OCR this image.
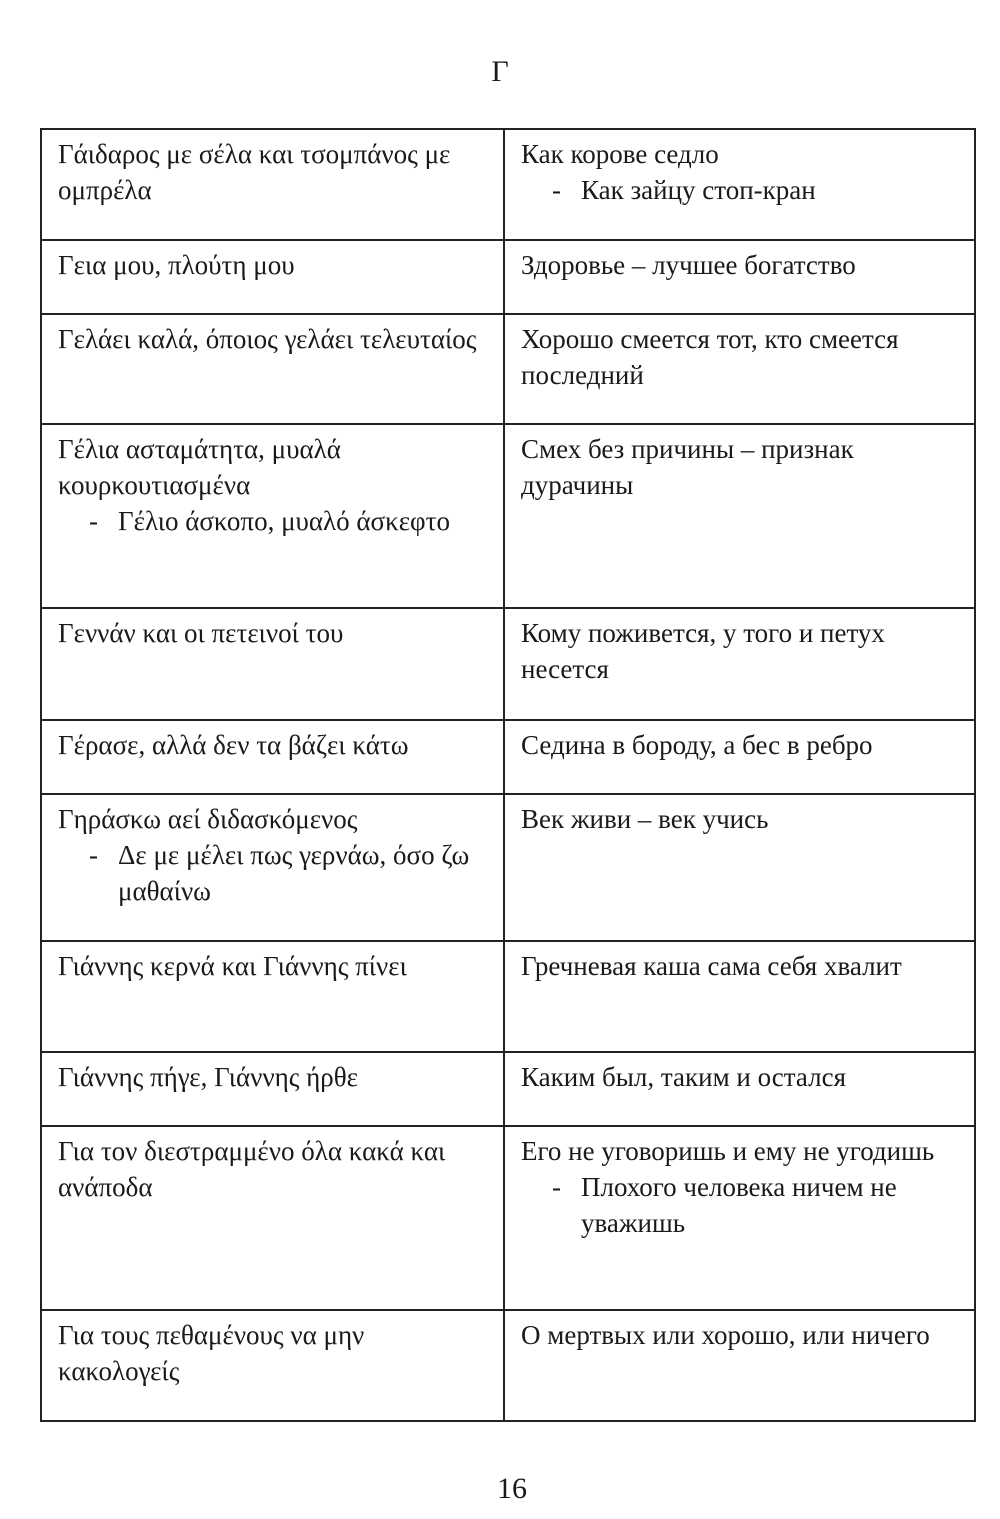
Γ
Γάιδαρος με σέλα και τσομπάνος με ομπρέλα	Как корове седло
- Как зайцу стоп-кран

Γεια μου, πλούτη μου	Здоровье – лучшее богатство

Γελάει καλά, όποιος γελάει τελευταίος	Хорошо смеется тот, кто смеется последний

Γέλια ασταμάτητα, μυαλά κουρκουτιασμένα
- Γέλιο άσκοπο, μυαλό άσκεφτο	Смех без причины – признак дурачины

Γεννάν και οι πετεινοί του	Кому поживется, у того и петух несется

Γέρασε, αλλά δεν τα βάζει κάτω	Седина в бороду, а бес в ребро

Γηράσκω αεί διδασκόμενος
- Δε με μέλει πως γερνάω, όσο ζω μαθαίνω	Век живи – век учись

Γιάννης κερνά και Γιάννης πίνει	Гречневая каша сама себя хвалит

Γιάννης πήγε, Γιάννης ήρθε	Каким был, таким и остался

Για τον διεστραμμένο όλα κακά και ανάποδα	Его не уговоришь и ему не угодишь
- Плохого человека ничем не уважишь

Για τους πεθαμένους να μην κακολογείς	О мертвых или хорошо, или ничего
16
